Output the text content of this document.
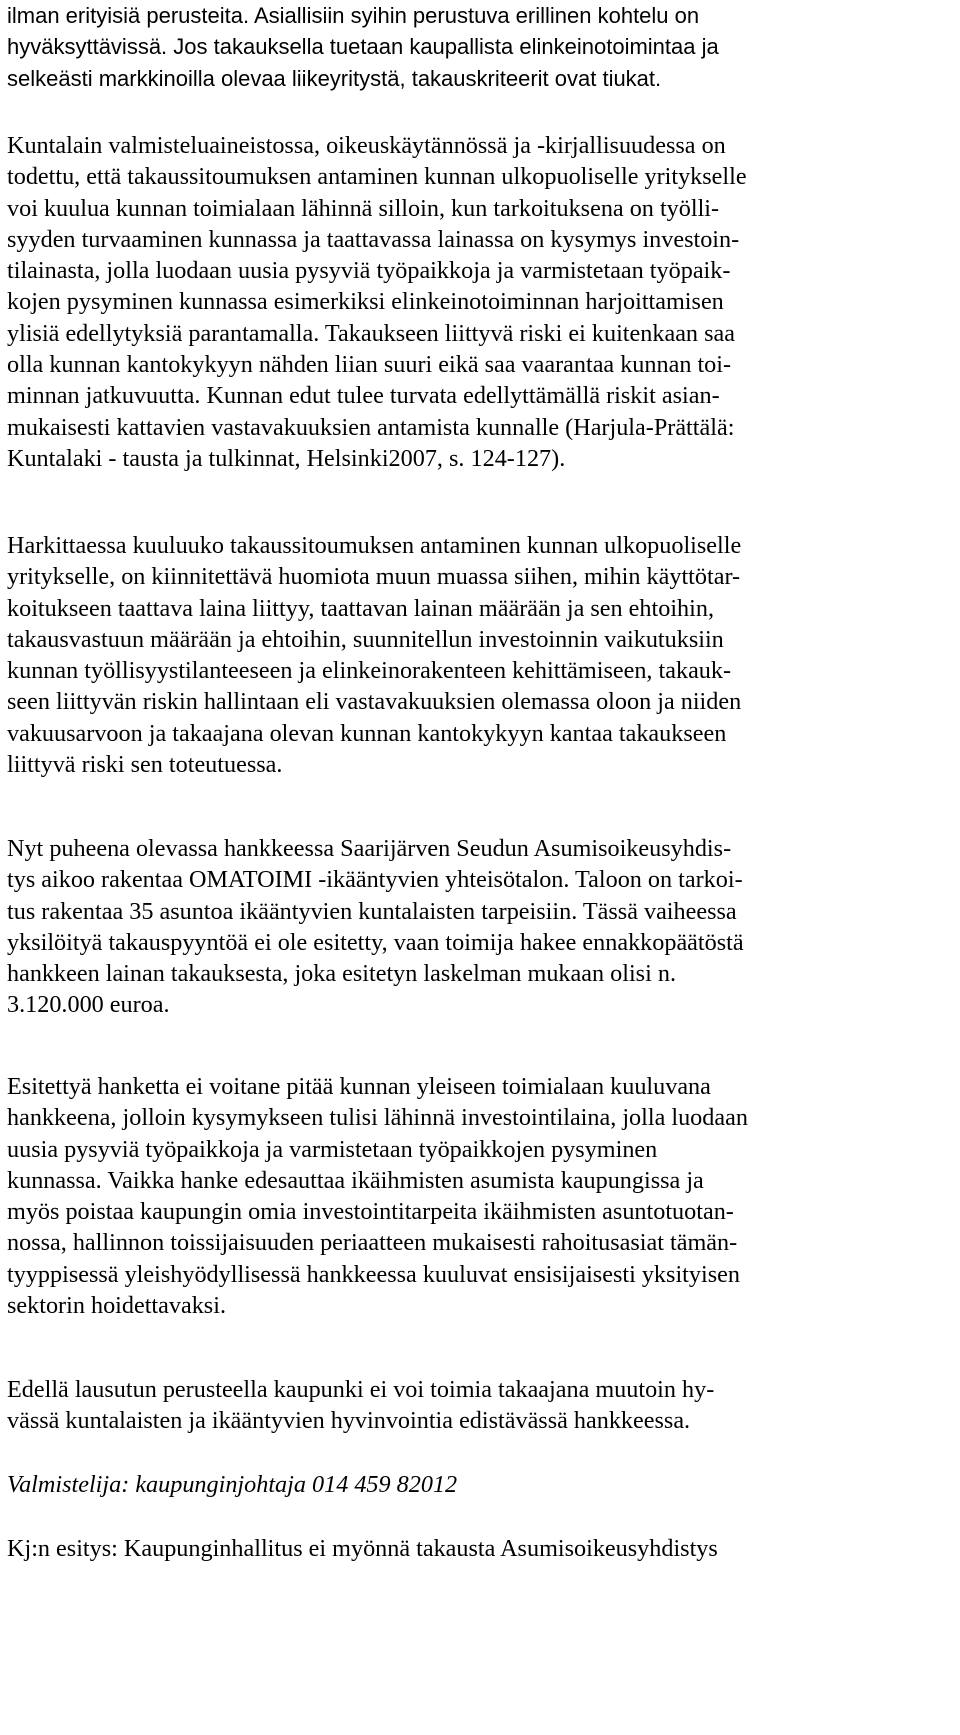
ilman erityisiä perusteita. Asiallisiin syihin perustuva erillinen kohtelu on
hyväksyttävissä. Jos takauksella tuetaan kaupallista elinkeinotoimintaa ja
selkeästi markkinoilla olevaa liikeyritystä, takauskriteerit ovat tiukat.
Kuntalain valmisteluaineistossa, oikeuskäytännössä ja -kirjallisuudessa on
todettu, että takaussitoumuksen antaminen kunnan ulkopuoliselle yritykselle
voi kuulua kunnan toimialaan lähinnä silloin, kun tarkoituksena on työlli-
syyden turvaaminen kunnassa ja taattavassa lainassa on kysymys investoin-
tilainasta, jolla luodaan uusia pysyviä työpaikkoja ja varmistetaan työpaik-
kojen pysyminen kunnassa esimerkiksi elinkeinotoiminnan harjoittamisen
ylisiä edellytyksiä parantamalla. Takaukseen liittyvä riski ei kuitenkaan saa
olla kunnan kantokykyyn nähden liian suuri eikä saa vaarantaa kunnan toi-
minnan jatkuvuutta. Kunnan edut tulee turvata edellyttämällä riskit asian-
mukaisesti kattavien vastavakuuksien antamista kunnalle (Harjula-Prättälä:
Kuntalaki - tausta ja tulkinnat, Helsinki2007, s. 124-127).
Harkittaessa kuuluuko takaussitoumuksen antaminen kunnan ulkopuoliselle
yritykselle, on kiinnitettävä huomiota muun muassa siihen, mihin käyttötar-
koitukseen taattava laina liittyy, taattavan lainan määrään ja sen ehtoihin,
takausvastuun määrään ja ehtoihin, suunnitellun investoinnin vaikutuksiin
kunnan työllisyystilanteeseen ja elinkeinorakenteen kehittämiseen, takauk-
seen liittyvän riskin hallintaan eli vastavakuuksien olemassa oloon ja niiden
vakuusarvoon ja takaajana olevan kunnan kantokykyyn kantaa takaukseen
liittyvä riski sen toteutuessa.
Nyt puheena olevassa hankkeessa Saarijärven Seudun Asumisoikeusyhdis-
tys aikoo rakentaa OMATOIMI -ikääntyvien yhteisötalon. Taloon on tarkoi-
tus rakentaa 35 asuntoa ikääntyvien kuntalaisten tarpeisiin. Tässä vaiheessa
yksilöityä takauspyyntöä ei ole esitetty, vaan toimija hakee ennakkopäätöstä
hankkeen lainan takauksesta, joka esitetyn laskelman mukaan olisi n.
3.120.000 euroa.
Esitettyä hanketta ei voitane pitää kunnan yleiseen toimialaan kuuluvana
hankkeena, jolloin kysymykseen tulisi lähinnä investointilaina, jolla luodaan
uusia pysyviä työpaikkoja ja varmistetaan työpaikkojen pysyminen
kunnassa. Vaikka hanke edesauttaa ikäihmisten asumista kaupungissa ja
myös poistaa kaupungin omia investointitarpeita ikäihmisten asuntotuotan-
nossa, hallinnon toissijaisuuden periaatteen mukaisesti rahoitusasiat tämän-
tyyppisessä yleishyödyllisessä hankkeessa kuuluvat ensisijaisesti yksityisen
sektorin hoidettavaksi.
Edellä lausutun perusteella kaupunki ei voi toimia takaajana muutoin hy-
vässä kuntalaisten ja ikääntyvien hyvinvointia edistävässä hankkeessa.
Valmistelija: kaupunginjohtaja 014 459 82012
Kj:n esitys: Kaupunginhallitus ei myönnä takausta Asumisoikeusyhdistys
